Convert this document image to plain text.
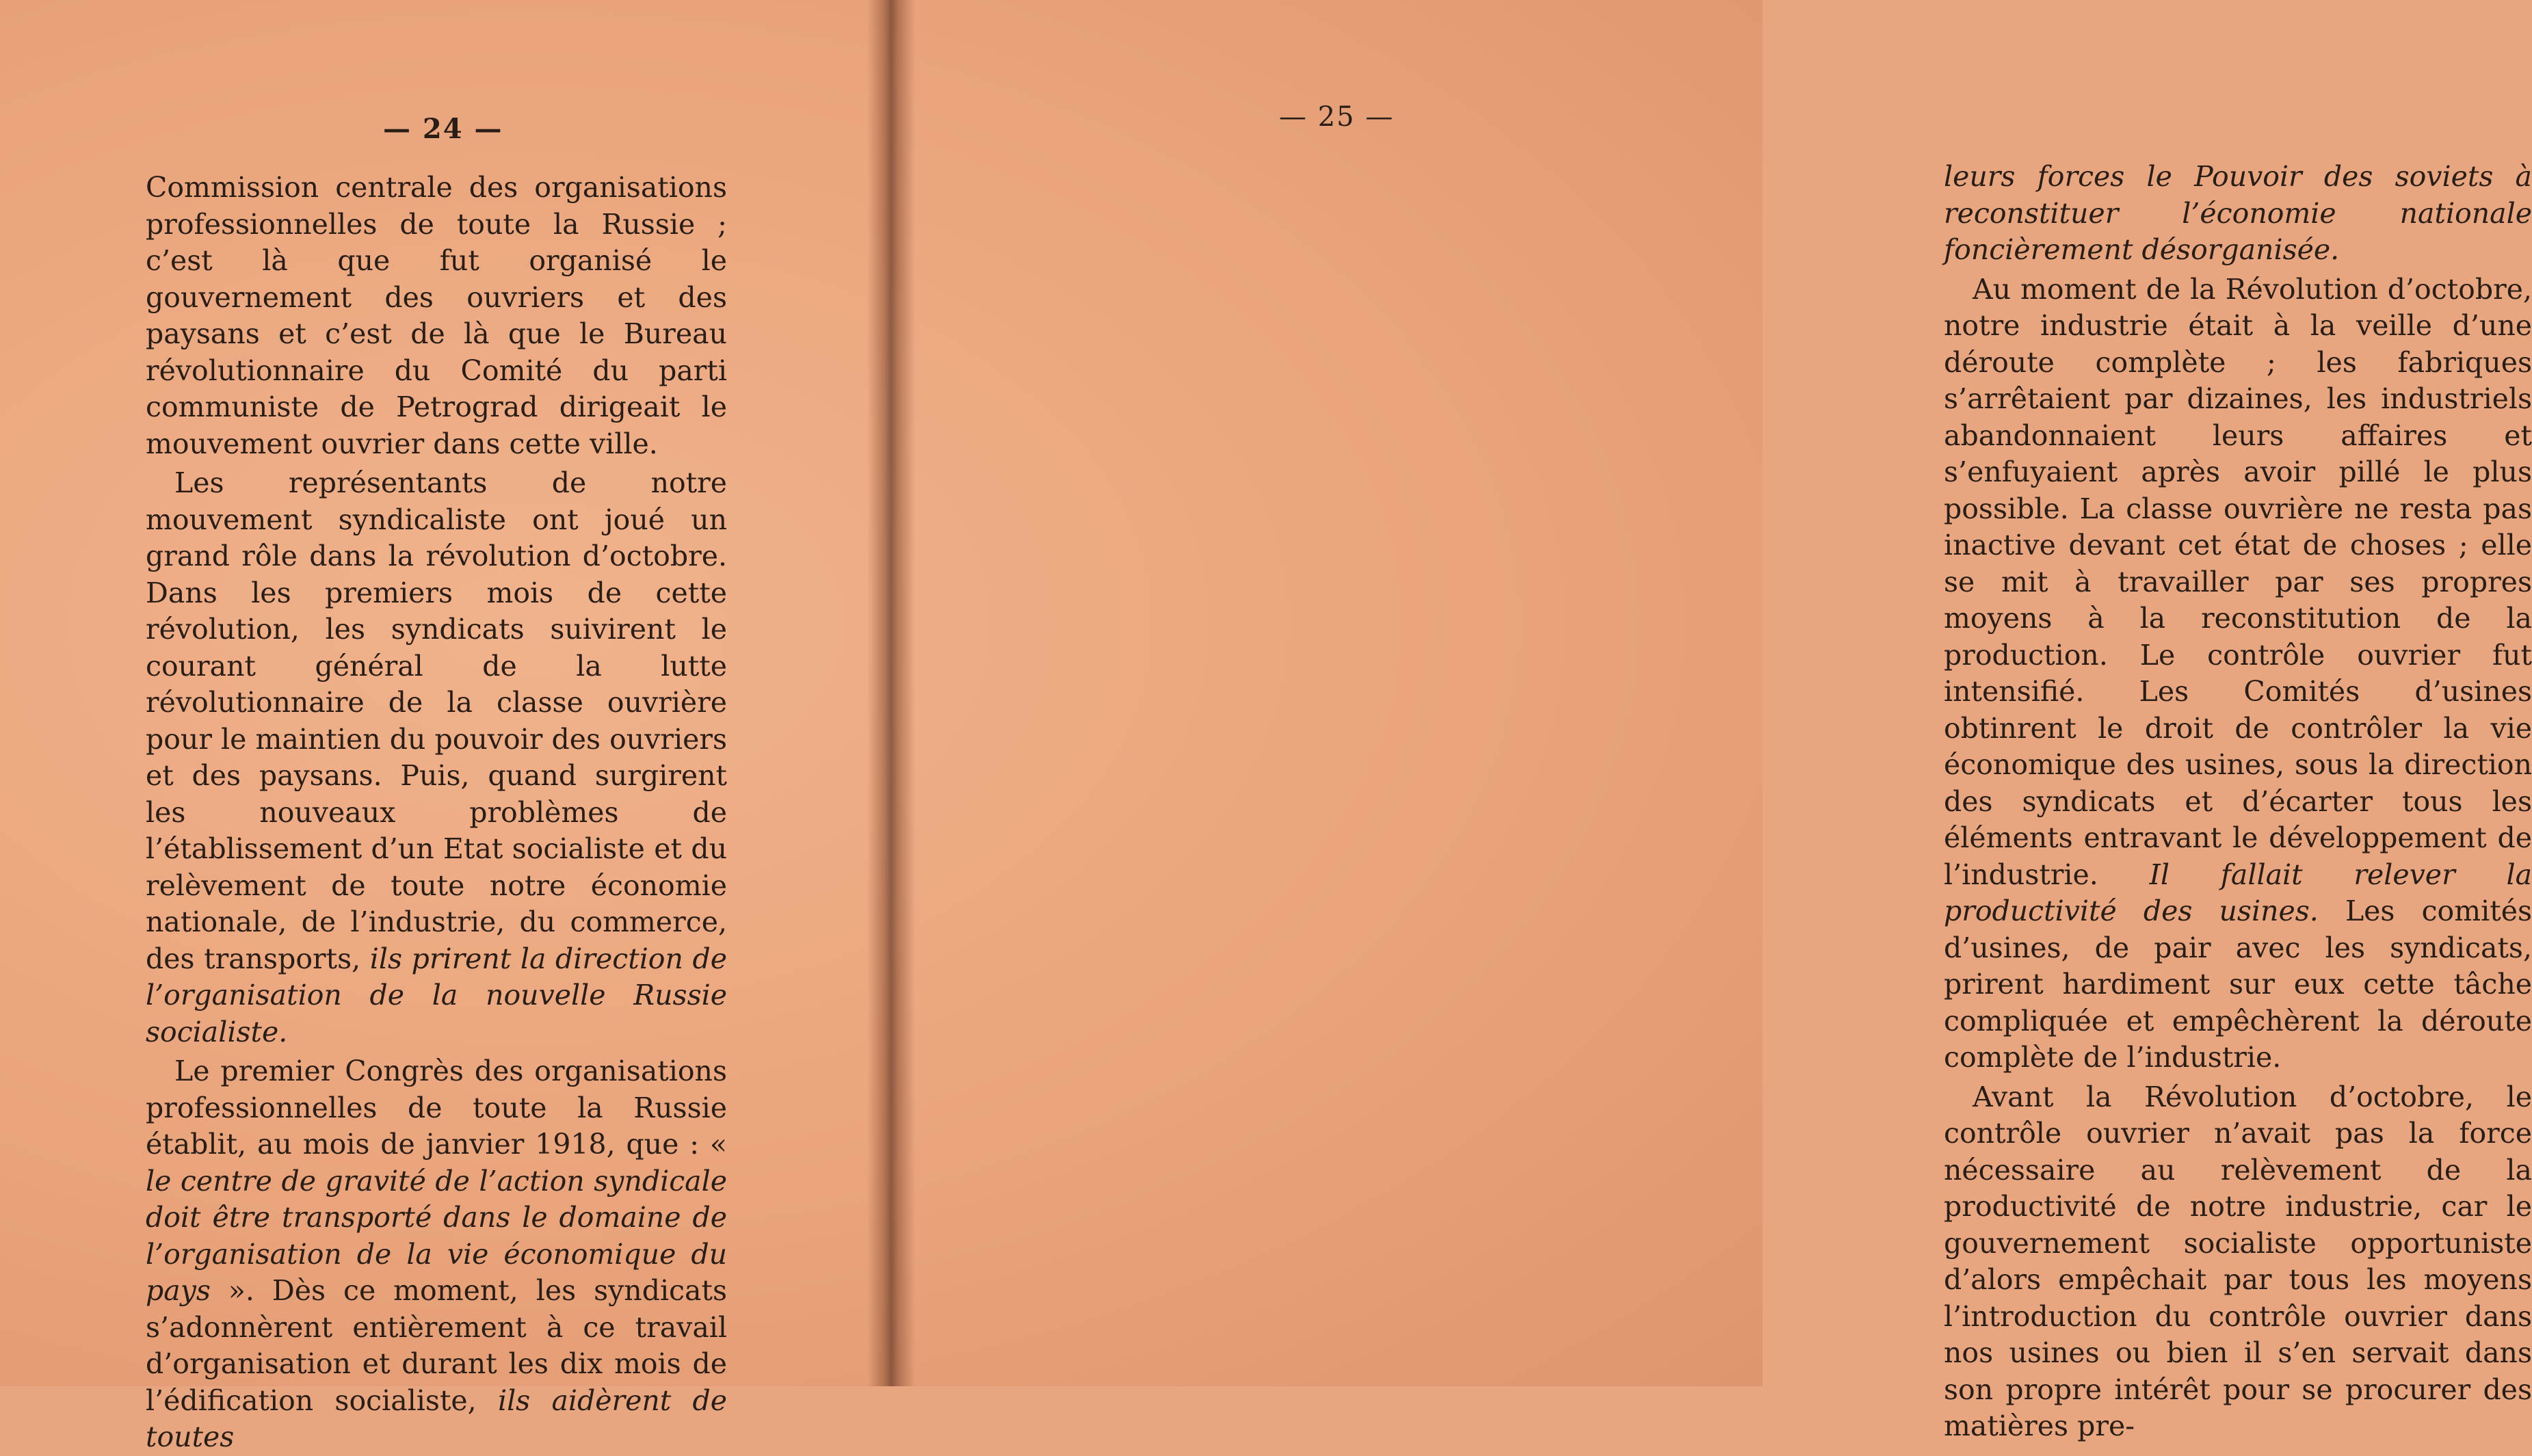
— 24 —

Commission centrale des organisations professionnelles de toute la Russie ; c’est là que fut organisé le gouvernement des ouvriers et des paysans et c’est de là que le Bureau révolutionnaire du Comité du parti communiste de Petrograd dirigeait le mouvement ouvrier dans cette ville.

Les représentants de notre mouvement syndicaliste ont joué un grand rôle dans la révolution d’octobre. Dans les premiers mois de cette révolution, les syndicats suivirent le courant général de la lutte révolutionnaire de la classe ouvrière pour le maintien du pouvoir des ouvriers et des paysans. Puis, quand surgirent les nouveaux problèmes de l’établissement d’un Etat socialiste et du relèvement de toute notre économie nationale, de l’industrie, du commerce, des transports, ils prirent la direction de l’organisation de la nouvelle Russie socialiste.

Le premier Congrès des organisations professionnelles de toute la Russie établit, au mois de janvier 1918, que : « le centre de gravité de l’action syndicale doit être transporté dans le domaine de l’organisation de la vie économique du pays ». Dès ce moment, les syndicats s’adonnèrent entièrement à ce travail d’organisation et durant les dix mois de l’édification socialiste, ils aidèrent de toutes

— 25 —

leurs forces le Pouvoir des soviets à reconstituer l’économie nationale foncièrement désorganisée.

Au moment de la Révolution d’octobre, notre industrie était à la veille d’une déroute complète ; les fabriques s’arrêtaient par dizaines, les industriels abandonnaient leurs affaires et s’enfuyaient après avoir pillé le plus possible. La classe ouvrière ne resta pas inactive devant cet état de choses ; elle se mit à travailler par ses propres moyens à la reconstitution de la production. Le contrôle ouvrier fut intensifié. Les Comités d’usines obtinrent le droit de contrôler la vie économique des usines, sous la direction des syndicats et d’écarter tous les éléments entravant le développement de l’industrie. Il fallait relever la productivité des usines. Les comités d’usines, de pair avec les syndicats, prirent hardiment sur eux cette tâche compliquée et empêchèrent la déroute complète de l’industrie.

Avant la Révolution d’octobre, le contrôle ouvrier n’avait pas la force nécessaire au relèvement de la productivité de notre industrie, car le gouvernement socialiste opportuniste d’alors empêchait par tous les moyens l’introduction du contrôle ouvrier dans nos usines ou bien il s’en servait dans son propre intérêt pour se procurer des matières pre-
